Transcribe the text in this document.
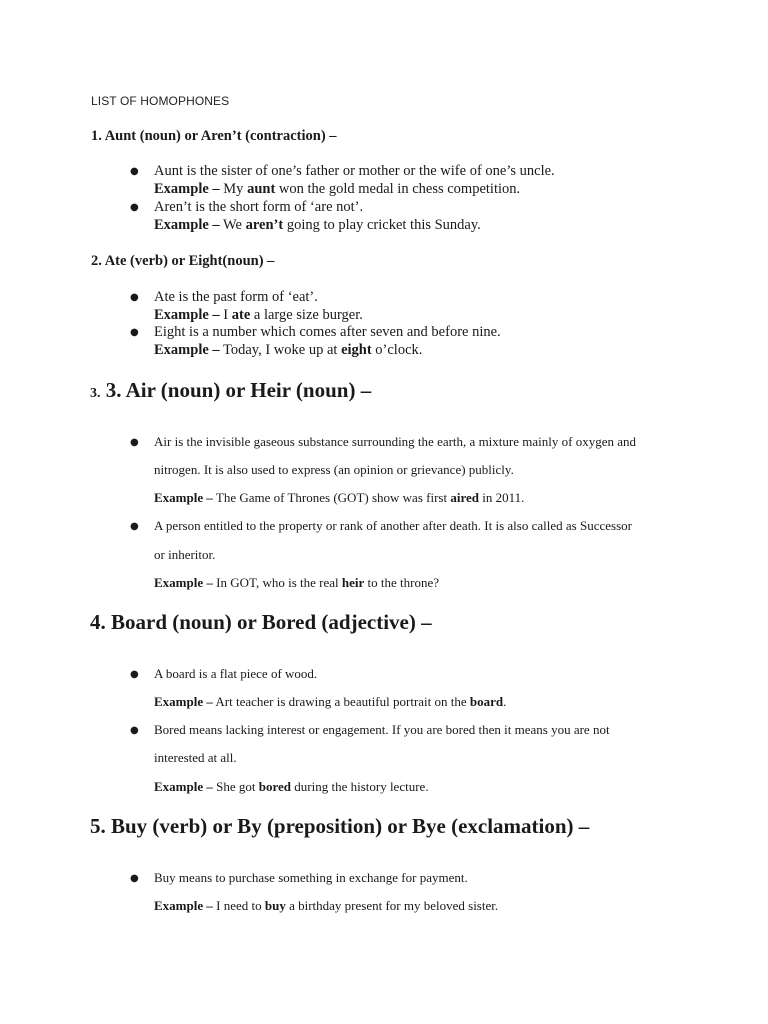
LIST OF HOMOPHONES
1. Aunt (noun) or Aren’t (contraction) –
● Aunt is the sister of one’s father or mother or the wife of one’s uncle.
Example – My aunt won the gold medal in chess competition.
● Aren’t is the short form of ‘are not’.
Example – We aren’t going to play cricket this Sunday.
2. Ate (verb) or Eight(noun) –
● Ate is the past form of ‘eat’.
Example – I ate a large size burger.
● Eight is a number which comes after seven and before nine.
Example – Today, I woke up at eight o’clock.
3. 3. Air (noun) or Heir (noun) –
● Air is the invisible gaseous substance surrounding the earth, a mixture mainly of oxygen and
nitrogen. It is also used to express (an opinion or grievance) publicly.
Example – The Game of Thrones (GOT) show was first aired in 2011.
● A person entitled to the property or rank of another after death. It is also called as Successor
or inheritor.
Example – In GOT, who is the real heir to the throne?
4. Board (noun) or Bored (adjective) –
● A board is a flat piece of wood.
Example – Art teacher is drawing a beautiful portrait on the board.
● Bored means lacking interest or engagement. If you are bored then it means you are not
interested at all.
Example – She got bored during the history lecture.
5. Buy (verb) or By (preposition) or Bye (exclamation) –
● Buy means to purchase something in exchange for payment.
Example – I need to buy a birthday present for my beloved sister.
